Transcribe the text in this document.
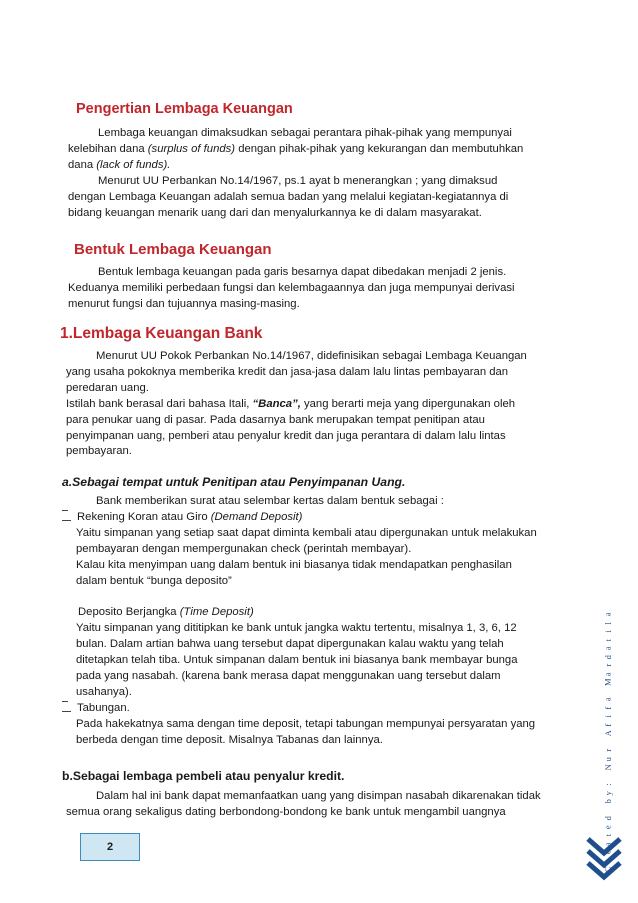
Pengertian Lembaga Keuangan

Lembaga keuangan dimaksudkan sebagai perantara pihak-pihak yang mempunyai

kelebihan dana (surplus of funds) dengan pihak-pihak yang kekurangan dan membutuhkan

dana (lack of funds).

Menurut UU Perbankan No.14/1967, ps.1 ayat b menerangkan ; yang dimaksud

dengan Lembaga Keuangan adalah semua badan yang melalui kegiatan-kegiatannya di

bidang keuangan menarik uang dari dan menyalurkannya ke di dalam masyarakat.

Bentuk Lembaga Keuangan

Bentuk lembaga keuangan pada garis besarnya dapat dibedakan menjadi 2 jenis.

Keduanya memiliki perbedaan fungsi dan kelembagaannya dan juga mempunyai derivasi

menurut fungsi dan tujuannya masing-masing.

1.Lembaga Keuangan Bank

Menurut UU Pokok Perbankan No.14/1967, didefinisikan sebagai Lembaga Keuangan

yang usaha pokoknya memberika kredit dan jasa-jasa dalam lalu lintas pembayaran dan

peredaran uang.

Istilah bank berasal dari bahasa Itali, “Banca”, yang berarti meja yang dipergunakan oleh

para penukar uang di pasar. Pada dasarnya bank merupakan tempat penitipan atau

penyimpanan uang, pemberi atau penyalur kredit dan juga perantara di dalam lalu lintas

pembayaran.

a.Sebagai tempat untuk Penitipan atau Penyimpanan Uang.

Bank memberikan surat atau selembar kertas dalam bentuk sebagai :

Rekening Koran atau Giro (Demand Deposit)

Yaitu simpanan yang setiap saat dapat diminta kembali atau dipergunakan untuk melakukan

pembayaran dengan mempergunakan check (perintah membayar).

Kalau kita menyimpan uang dalam bentuk ini biasanya tidak mendapatkan penghasilan

dalam bentuk “bunga deposito”

Deposito Berjangka (Time Deposit)

Yaitu simpanan yang dititipkan ke bank untuk jangka waktu tertentu, misalnya 1, 3, 6, 12

bulan. Dalam artian bahwa uang tersebut dapat dipergunakan kalau waktu yang telah

ditetapkan telah tiba. Untuk simpanan dalam bentuk ini biasanya bank membayar bunga

pada yang nasabah. (karena bank merasa dapat menggunakan uang tersebut dalam

usahanya).

Tabungan.

Pada hakekatnya sama dengan time deposit, tetapi tabungan mempunyai persyaratan yang

berbeda dengan time deposit. Misalnya Tabanas dan lainnya.

b.Sebagai lembaga pembeli atau penyalur kredit.

Dalam hal ini bank dapat memanfaatkan uang yang disimpan nasabah dikarenakan tidak

semua orang sekaligus dating berbondong-bondong ke bank untuk mengambil uangnya

a
l
i
t
a
d
r
a
M

a
f
i
f
A

r
u
N

:
y
b

d
e
t
a
e
r
C
2
